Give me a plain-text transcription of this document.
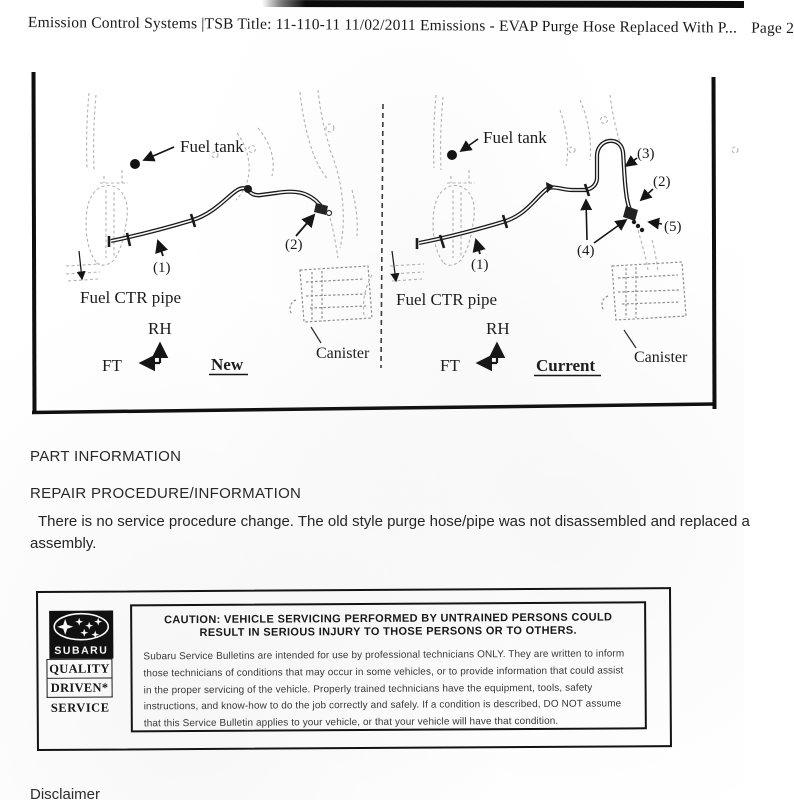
Emission Control Systems |TSB Title: 11-110-11 11/02/2011 Emissions - EVAP Purge Hose Replaced With P... Page 2
Fuel tank
(1)
(2)
Fuel CTR pipe
RH
FT	New
Canister
Fuel tank
(1)
(3)
(2)
(5)
(4)
Fuel CTR pipe
RH
FT	Current Canister
PART INFORMATION
REPAIR PROCEDURE/INFORMATION
There is no service procedure change. The old style purge hose/pipe was not disassembled and replaced a
assembly.
SUBARU
QUALITY
DRIVEN*
SERVICE
CAUTION: VEHICLE SERVICING PERFORMED BY UNTRAINED PERSONS COULD
RESULT IN SERIOUS INJURY TO THOSE PERSONS OR TO OTHERS.
Subaru Service Bulletins are intended for use by professional technicians ONLY. They are written to inform
those technicians of conditions that may occur in some vehicles, or to provide information that could assist
in the proper servicing of the vehicle. Properly trained technicians have the equipment, tools, safety
instructions, and know-how to do the job correctly and safely. If a condition is described, DO NOT assume
that this Service Bulletin applies to your vehicle, or that your vehicle will have that condition.
Disclaimer
